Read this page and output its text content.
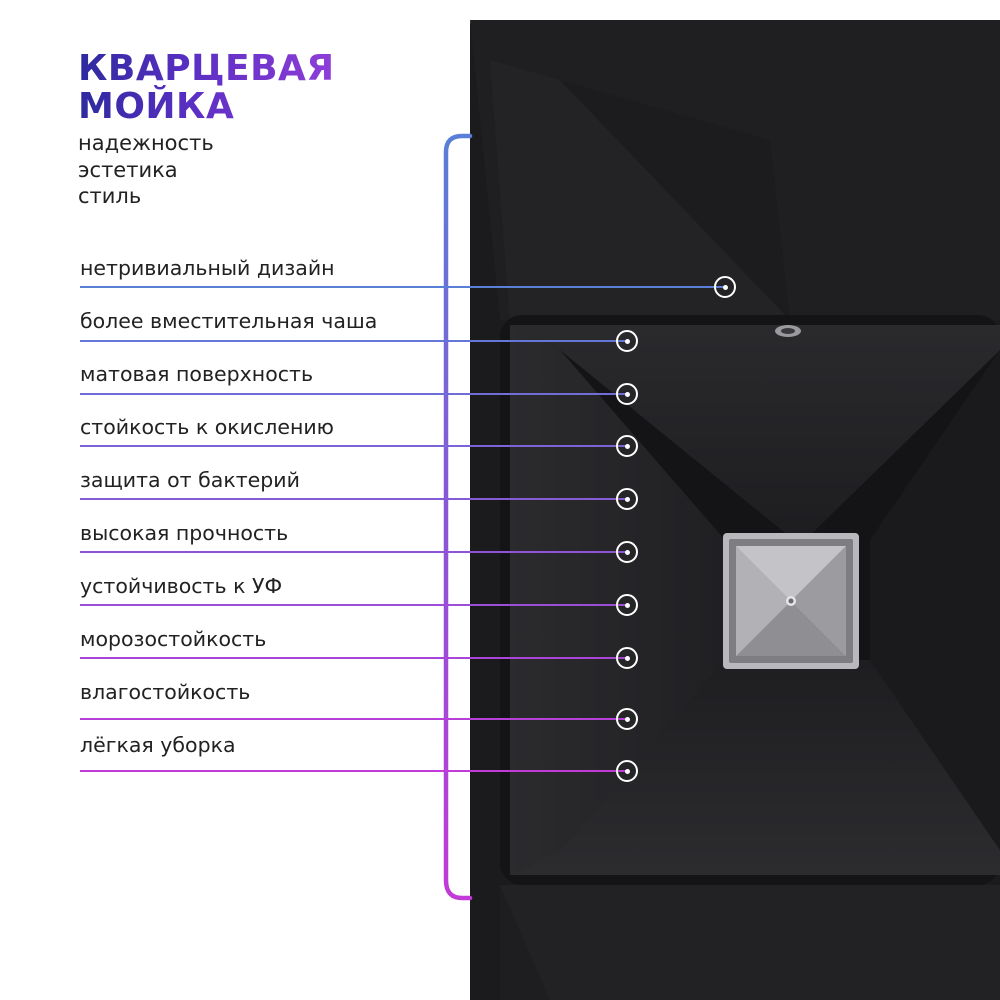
КВАРЦЕВАЯ
МОЙКА
надежность
эстетика
стиль
нетривиальный дизайн
более вместительная чаша
матовая поверхность
стойкость к окислению
защита от бактерий
высокая прочность
устойчивость к УФ
морозостойкость
влагостойкость
лёгкая уборка
